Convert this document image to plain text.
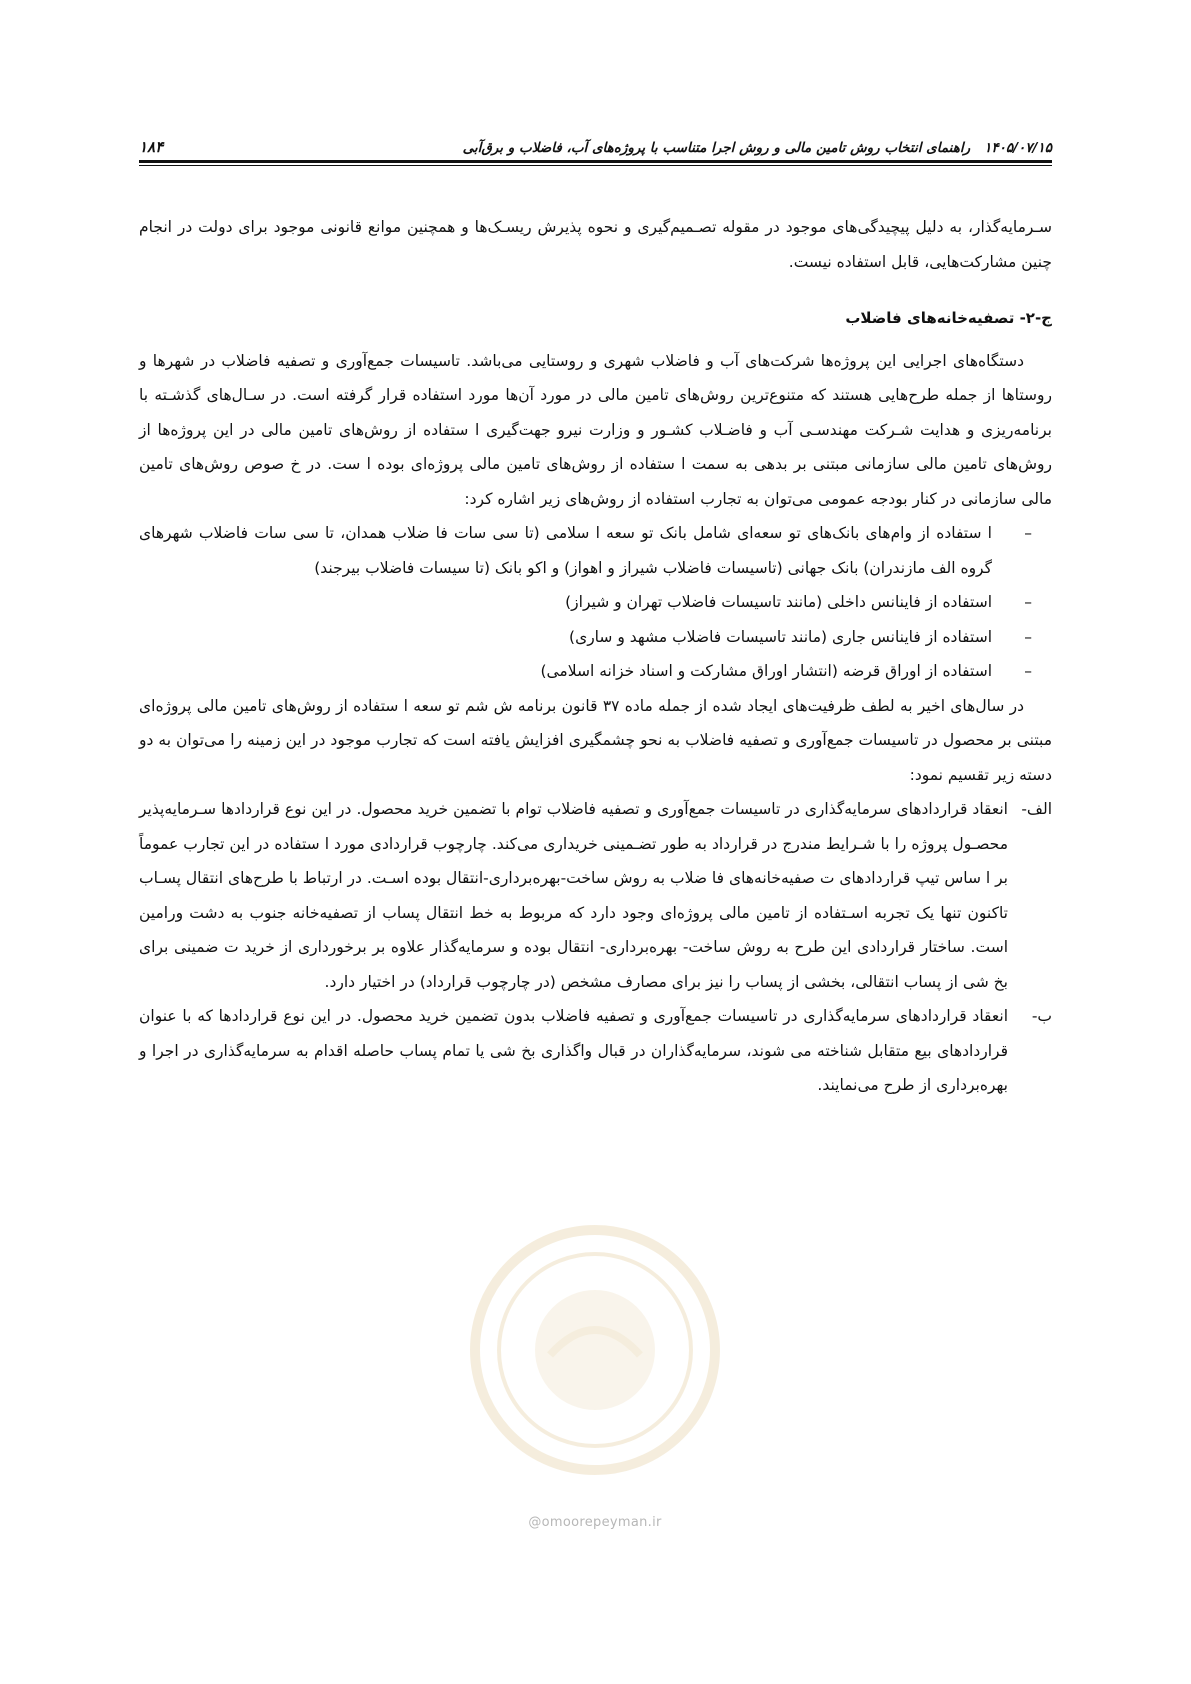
۱۴۰۵/۰۷/۱۵راهنمای انتخاب روش تامین مالی و روش اجرا متناسب با پروژه‌های آب، فاضلاب و برق‌آبی
۱۸۴

سـرمایه‌گذار، به دلیل پیچیدگی‌های موجود در مقوله تصـمیم‌گیری و نحوه پذیرش ریسـک‌ها و همچنین موانع قانونی موجود برای دولت در انجام چنین مشارکت‌هایی، قابل استفاده نیست.

ج-۲- تصفیه‌خانه‌های فاضلاب

دستگاه‌های اجرایی این پروژه‌ها شرکت‌های آب و فاضلاب شهری و روستایی می‌باشد. تاسیسات جمع‌آوری و تصفیه فاضلاب در شهرها و روستاها از جمله طرح‌هایی هستند که متنوع‌ترین روش‌های تامین مالی در مورد آن‌ها مورد استفاده قرار گرفته است. در سـال‌های گذشـته با برنامه‌ریزی و هدایت شـرکت مهندسـی آب و فاضـلاب کشـور و وزارت نیرو جهت‌گیری ا ستفاده از روش‌های تامین مالی در این پروژه‌ها از روش‌های تامین مالی سازمانی مبتنی بر بدهی به سمت ا ستفاده از روش‌های تامین مالی پروژه‌ای بوده ا ست. در خ صوص روش‌های تامین مالی سازمانی در کنار بودجه عمومی می‌توان به تجارب استفاده از روش‌های زیر اشاره کرد:

– ا ستفاده از وام‌های بانک‌های تو سعه‌ای شامل بانک تو سعه ا سلامی (تا سی سات فا ضلاب همدان، تا سی سات فاضلاب شهرهای گروه الف مازندران) بانک جهانی (تاسیسات فاضلاب شیراز و اهواز) و اکو بانک (تا سیسات فاضلاب بیرجند)
– استفاده از فاینانس داخلی (مانند تاسیسات فاضلاب تهران و شیراز)
– استفاده از فاینانس جاری (مانند تاسیسات فاضلاب مشهد و ساری)
– استفاده از اوراق قرضه (انتشار اوراق مشارکت و اسناد خزانه اسلامی)

در سال‌های اخیر به لطف ظرفیت‌های ایجاد شده از جمله ماده ۳۷ قانون برنامه ش شم تو سعه ا ستفاده از روش‌های تامین مالی پروژه‌ای مبتنی بر محصول در تاسیسات جمع‌آوری و تصفیه فاضلاب به نحو چشمگیری افزایش یافته است که تجارب موجود در این زمینه را می‌توان به دو دسته زیر تقسیم نمود:

الف-

انعقاد قراردادهای سرمایه‌گذاری در تاسیسات جمع‌آوری و تصفیه فاضلاب توام با تضمین خرید محصول. در این نوع قراردادها سـرمایه‌پذیر محصـول پروژه را با شـرایط مندرج در قرارداد به طور تضـمینی خریداری می‌کند. چارچوب قراردادی مورد ا ستفاده در این تجارب عموماً بر ا ساس تیپ قراردادهای ت صفیه‌خانه‌های فا ضلاب به روش ساخت-بهره‌برداری-انتقال بوده اسـت. در ارتباط با طرح‌های انتقال پسـاب تاکنون تنها یک تجربه اسـتفاده از تامین مالی پروژه‌ای وجود دارد که مربوط به خط انتقال پساب از تصفیه‌خانه جنوب به دشت ورامین است. ساختار قراردادی این طرح به روش ساخت- بهره‌برداری- انتقال بوده و سرمایه‌گذار علاوه بر برخورداری از خرید ت ضمینی برای بخ شی از پساب انتقالی، بخشی از پساب را نیز برای مصارف مشخص (در چارچوب قرارداد) در اختیار دارد.

ب-

انعقاد قراردادهای سرمایه‌گذاری در تاسیسات جمع‌آوری و تصفیه فاضلاب بدون تضمین خرید محصول. در این نوع قراردادها که با عنوان قراردادهای بیع متقابل شناخته می شوند، سرمایه‌گذاران در قبال واگذاری بخ شی یا تمام پساب حاصله اقدام به سرمایه‌گذاری در اجرا و بهره‌برداری از طرح می‌نمایند.

@omoorepeyman.ir
